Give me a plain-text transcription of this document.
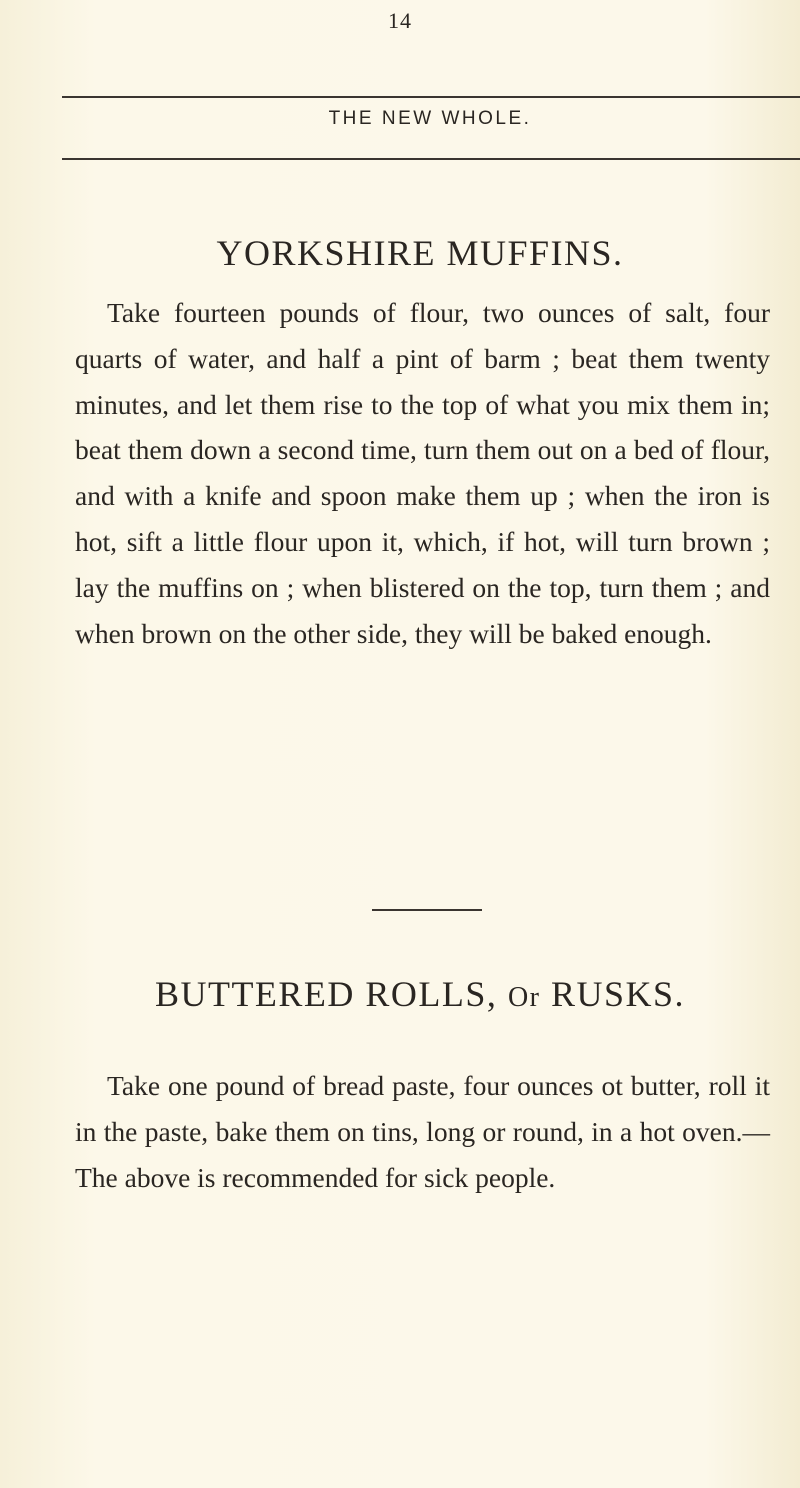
14
THE NEW WHOLE.
YORKSHIRE MUFFINS.

Take fourteen pounds of flour, two ounces of salt, four quarts of water, and half a pint of barm ; beat them twenty minutes, and let them rise to the top of what you mix them in; beat them down a second time, turn them out on a bed of flour, and with a knife and spoon make them up ; when the iron is hot, sift a little flour upon it, which, if hot, will turn brown ; lay the muffins on ; when blistered on the top, turn them ; and when brown on the other side, they will be baked enough.

BUTTERED ROLLS, Or RUSKS.

Take one pound of bread paste, four ounces ot butter, roll it in the paste, bake them on tins, long or round, in a hot oven.—The above is recommended for sick people.
